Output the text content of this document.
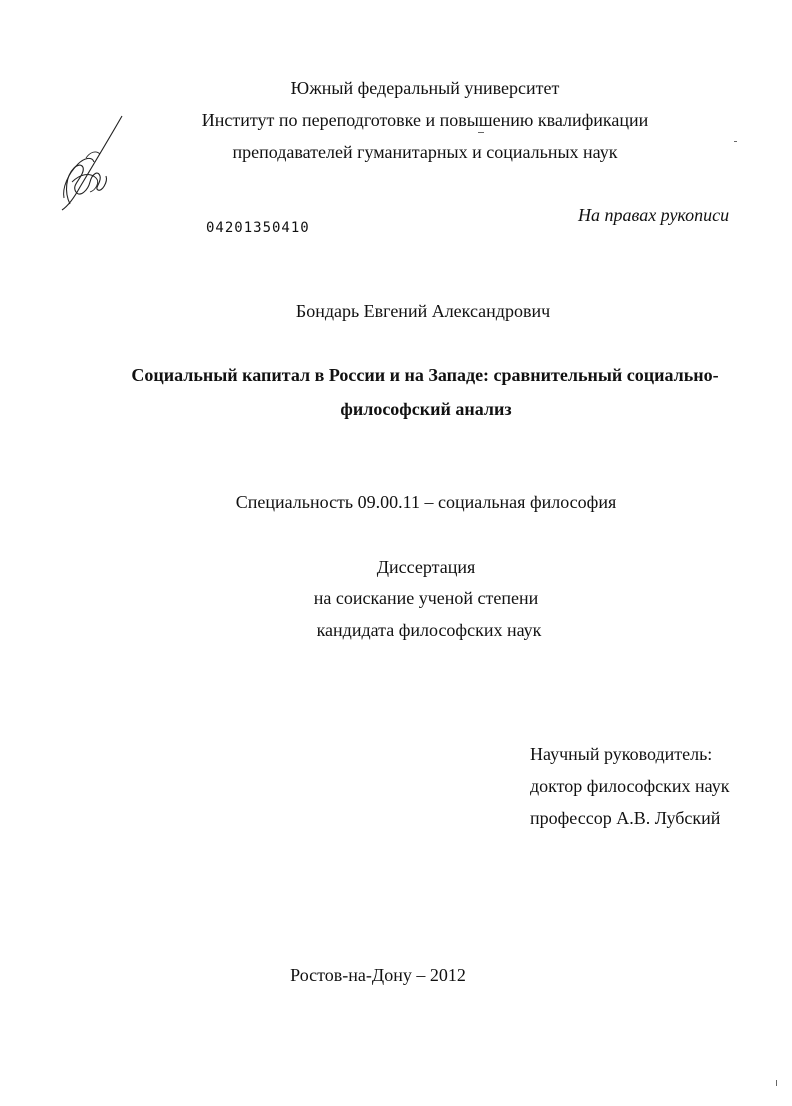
Южный федеральный университет
Институт по переподготовке и повышению квалификации
преподавателей гуманитарных и социальных наук
04201350410
На правах рукописи
Бондарь Евгений Александрович
Социальный капитал в России и на Западе: сравнительный социально-
философский анализ
Специальность 09.00.11 – социальная философия
Диссертация
на соискание ученой степени
кандидата философских наук
Научный руководитель:
доктор философских наук
профессор А.В. Лубский
Ростов-на-Дону – 2012
